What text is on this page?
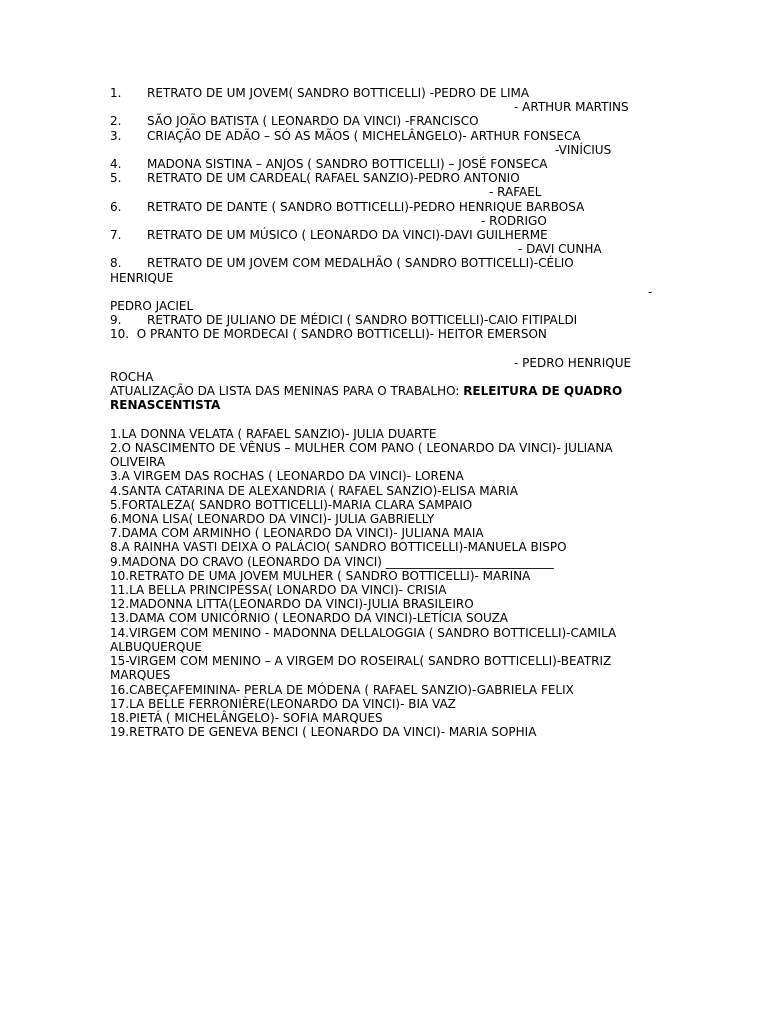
1. RETRATO DE UM JOVEM( SANDRO BOTTICELLI) -PEDRO DE LIMA
- ARTHUR MARTINS
2. SÃO JOÃO BATISTA ( LEONARDO DA VINCI) -FRANCISCO
3. CRIAÇÃO DE ADÃO – SÓ AS MÃOS ( MICHELÂNGELO)- ARTHUR FONSECA
-VINÍCIUS
4. MADONA SISTINA – ANJOS ( SANDRO BOTTICELLI) – JOSÉ FONSECA
5. RETRATO DE UM CARDEAL( RAFAEL SANZIO)-PEDRO ANTONIO
- RAFAEL
6. RETRATO DE DANTE ( SANDRO BOTTICELLI)-PEDRO HENRIQUE BARBOSA
- RODRIGO
7. RETRATO DE UM MÚSICO ( LEONARDO DA VINCI)-DAVI GUILHERME
- DAVI CUNHA
8. RETRATO DE UM JOVEM COM MEDALHÃO ( SANDRO BOTTICELLI)-CÉLIO
HENRIQUE
-
PEDRO JACIEL
9. RETRATO DE JULIANO DE MÉDICI ( SANDRO BOTTICELLI)-CAIO FITIPALDI
10. O PRANTO DE MORDECAI ( SANDRO BOTTICELLI)- HEITOR EMERSON
- PEDRO HENRIQUE
ROCHA
ATUALIZAÇÃO DA LISTA DAS MENINAS PARA O TRABALHO: RELEITURA DE QUADRO RENASCENTISTA
1.LA DONNA VELATA ( RAFAEL SANZIO)- JULIA DUARTE
2.O NASCIMENTO DE VÊNUS – MULHER COM PANO ( LEONARDO DA VINCI)- JULIANA OLIVEIRA
3.A VIRGEM DAS ROCHAS ( LEONARDO DA VINCI)- LORENA
4.SANTA CATARINA DE ALEXANDRIA ( RAFAEL SANZIO)-ELISA MARIA
5.FORTALEZA( SANDRO BOTTICELLI)-MARIA CLARA SAMPAIO
6.MONA LISA( LEONARDO DA VINCI)- JULIA GABRIELLY
7.DAMA COM ARMINHO ( LEONARDO DA VINCI)- JULIANA MAIA
8.A RAINHA VASTI DEIXA O PALÁCIO( SANDRO BOTTICELLI)-MANUELA BISPO
9.MADONA DO CRAVO (LEONARDO DA VINCI) ____________________________
10.RETRATO DE UMA JOVEM MULHER ( SANDRO BOTTICELLI)- MARINA
11.LA BELLA PRINCIPESSA( LONARDO DA VINCI)- CRISIA
12.MADONNA LITTA(LEONARDO DA VINCI)-JULIA BRASILEIRO
13.DAMA COM UNICÓRNIO ( LEONARDO DA VINCI)-LETÍCIA SOUZA
14.VIRGEM COM MENINO - MADONNA DELLALOGGIA ( SANDRO BOTTICELLI)-CAMILA ALBUQUERQUE
15-VIRGEM COM MENINO – A VIRGEM DO ROSEIRAL( SANDRO BOTTICELLI)-BEATRIZ MARQUES
16.CABEÇAFEMININA- PERLA DE MÓDENA ( RAFAEL SANZIO)-GABRIELA FELIX
17.LA BELLE FERRONIÈRE(LEONARDO DA VINCI)- BIA VAZ
18.PIETÁ ( MICHELÂNGELO)- SOFIA MARQUES
19.RETRATO DE GENEVA BENCI ( LEONARDO DA VINCI)- MARIA SOPHIA
